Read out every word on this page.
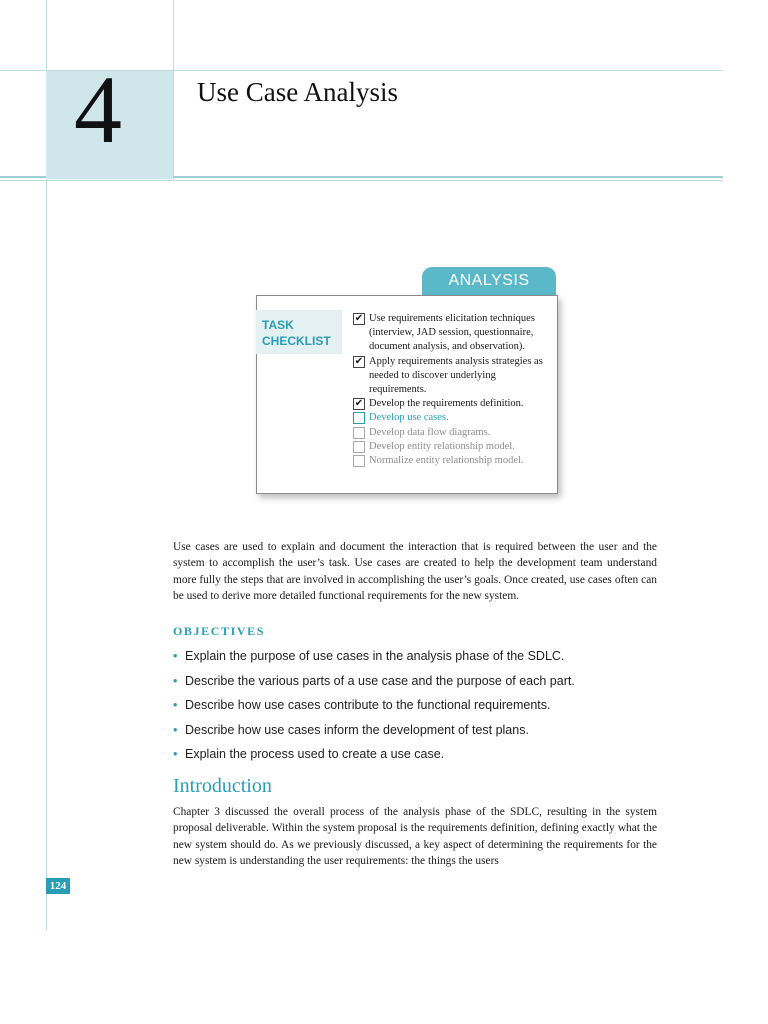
4	Use Case Analysis
ANALYSIS
TASK
CHECKLIST
✔ Use requirements elicitation techniques (interview, JAD session, questionnaire, document analysis, and observation).
✔ Apply requirements analysis strategies as needed to discover underlying requirements.
✔ Develop the requirements definition.
Develop use cases.
Develop data flow diagrams.
Develop entity relationship model.
Normalize entity relationship model.
Use cases are used to explain and document the interaction that is required between the user and the system to accomplish the user’s task. Use cases are created to help the development team understand more fully the steps that are involved in accomplishing the user’s goals. Once created, use cases often can be used to derive more detailed functional requirements for the new system.
OBJECTIVES
• Explain the purpose of use cases in the analysis phase of the SDLC.
• Describe the various parts of a use case and the purpose of each part.
• Describe how use cases contribute to the functional requirements.
• Describe how use cases inform the development of test plans.
• Explain the process used to create a use case.
Introduction
Chapter 3 discussed the overall process of the analysis phase of the SDLC, resulting in the system proposal deliverable. Within the system proposal is the requirements definition, defining exactly what the new system should do. As we previously discussed, a key aspect of determining the requirements for the new system is understanding the user requirements: the things the users
124
